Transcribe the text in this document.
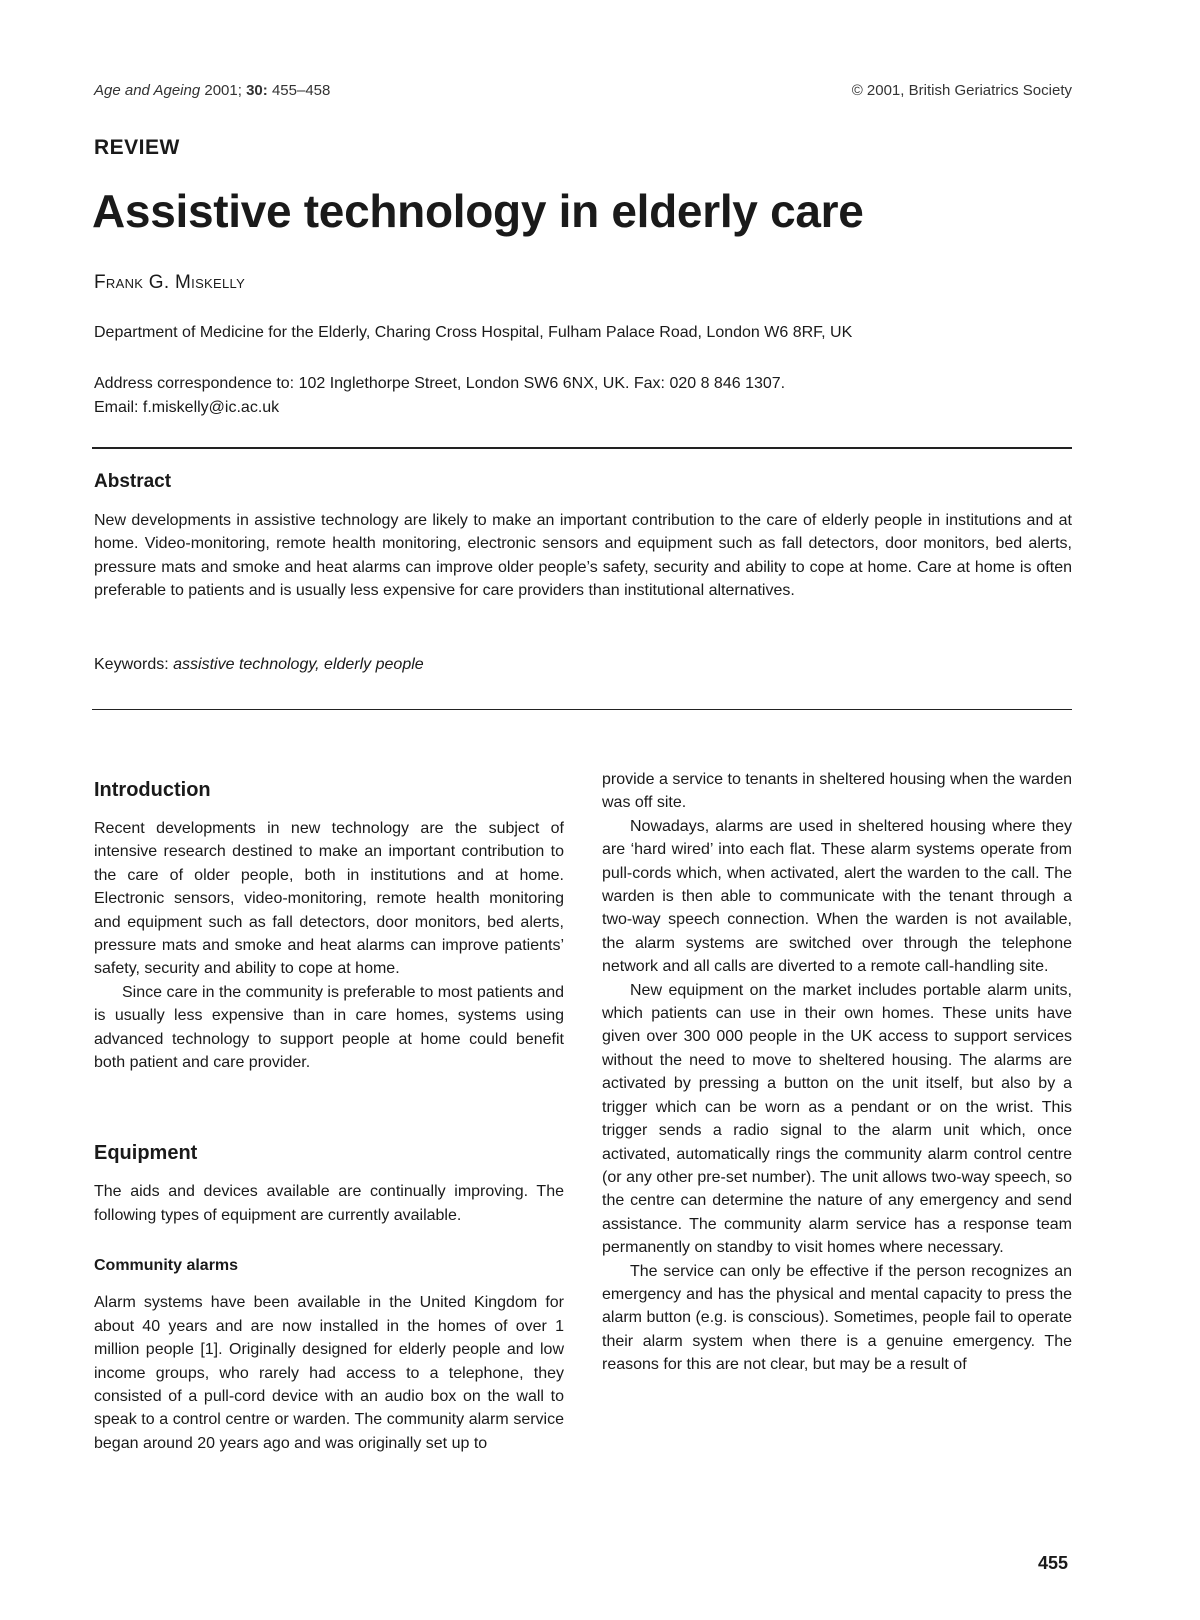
Age and Ageing 2001; 30: 455–458	© 2001, British Geriatrics Society
REVIEW
Assistive technology in elderly care
Frank G. Miskelly
Department of Medicine for the Elderly, Charing Cross Hospital, Fulham Palace Road, London W6 8RF, UK
Address correspondence to: 102 Inglethorpe Street, London SW6 6NX, UK. Fax: 020 8 846 1307.
Email: f.miskelly@ic.ac.uk
Abstract
New developments in assistive technology are likely to make an important contribution to the care of elderly people in institutions and at home. Video-monitoring, remote health monitoring, electronic sensors and equipment such as fall detectors, door monitors, bed alerts, pressure mats and smoke and heat alarms can improve older people’s safety, security and ability to cope at home. Care at home is often preferable to patients and is usually less expensive for care providers than institutional alternatives.
Keywords: assistive technology, elderly people
Introduction

Recent developments in new technology are the subject of intensive research destined to make an important contribution to the care of older people, both in institutions and at home. Electronic sensors, video-monitoring, remote health monitoring and equipment such as fall detectors, door monitors, bed alerts, pressure mats and smoke and heat alarms can improve patients’ safety, security and ability to cope at home.

Since care in the community is preferable to most patients and is usually less expensive than in care homes, systems using advanced technology to support people at home could benefit both patient and care provider.

Equipment

The aids and devices available are continually improving. The following types of equipment are currently available.

Community alarms

Alarm systems have been available in the United Kingdom for about 40 years and are now installed in the homes of over 1 million people [1]. Originally designed for elderly people and low income groups, who rarely had access to a telephone, they consisted of a pull-cord device with an audio box on the wall to speak to a control centre or warden. The community alarm service began around 20 years ago and was originally set up to

provide a service to tenants in sheltered housing when the warden was off site.

Nowadays, alarms are used in sheltered housing where they are ‘hard wired’ into each flat. These alarm systems operate from pull-cords which, when activated, alert the warden to the call. The warden is then able to communicate with the tenant through a two-way speech connection. When the warden is not available, the alarm systems are switched over through the telephone network and all calls are diverted to a remote call-handling site.

New equipment on the market includes portable alarm units, which patients can use in their own homes. These units have given over 300 000 people in the UK access to support services without the need to move to sheltered housing. The alarms are activated by pressing a button on the unit itself, but also by a trigger which can be worn as a pendant or on the wrist. This trigger sends a radio signal to the alarm unit which, once activated, automatically rings the community alarm control centre (or any other pre-set number). The unit allows two-way speech, so the centre can determine the nature of any emergency and send assistance. The community alarm service has a response team permanently on standby to visit homes where necessary.

The service can only be effective if the person recognizes an emergency and has the physical and mental capacity to press the alarm button (e.g. is conscious). Sometimes, people fail to operate their alarm system when there is a genuine emergency. The reasons for this are not clear, but may be a result of

455
